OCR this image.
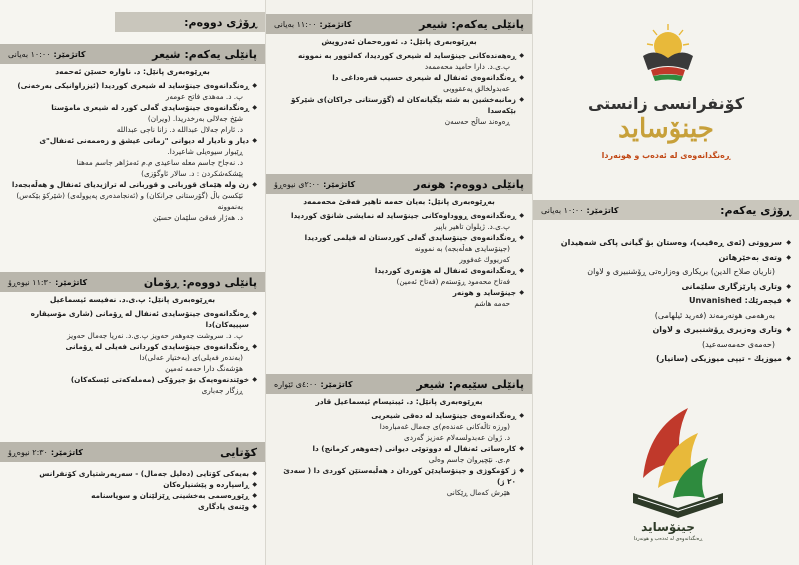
ڕۆژی دووەم:
پانێلی یەکەم: شیعر
کاتژمێر:
١٠:٠٠ بەیانی
بەڕێوەبەری پانێل: د. ناوارە حسێن ئەحمەد
◆ ڕەنگدانەوەی جینۆساید لە شیعری کوردیدا (ئیزراوانیکی بەرخەنی)
پ. د. مەهدی فاتح عومەر
◆ ڕەنگدانەوەی جینۆسایدی گەلی کورد لە شیعری مامۆستا
شێخ جەلالی بەرخدریدا. (ویران)
د. ئارام جەلال عبداللە د. زانا ناجی عبداللە
◆ دیار و نادیار لە دیوانی "زمانی عیشق و زەممەنی ئەنفال"ی
ڕێبوار سیوەیلی شاعیردا.
د. نەجاح جاسم معلە ساعیدی م.م ئەمژاهر جاسم مەهنا
پێشکەشکردن : د. سالار ئاوگۆزی)
◆ زن ولە هێمای قوربانی و قوربانی لە تراژیدیای ئەنفال و هەڵەبجەدا
ئێکسێ باڵ (گۆرستانی جرانکان) و (ئەنجامدەری پەیوولەی) (شێرکۆ بێکەس) بەنموونە
د. هەژار فەقێ سلێمان حسێن
پانێلی دووەم: ڕۆمان
کاتژمێر:
١١:٣٠ نیوەڕۆ
بەڕێوەبەری پانێل: پ.ی.د. نەفیسە ئیسماعیل
◆ ڕەنگدانەوەی جینۆسایدی ئەنفال لە ڕۆمانی (شاری مۆسیقارە سپییەکان)دا
پ. د. سروشت جەوهەر حەویز پ.ی.د. نەریا جەمال حەویز
◆ ڕەنگدانەوەی جینۆسایدی کوردانی فەیلی لە ڕۆمانی
(بەندەر فەیلی)ی (بەختیار عەلی)دا
هۆشەنگ دارا حەمە ئەمین
◆ خوێندنەوەیەک بۆ جیرۆکی (مەملەکەتی ئێسکەکان)
ڕزگار جەباری
کۆتایی
کاتژمێر:
٢:٣٠ نیوەڕۆ
◆ بەیەکی کۆتایی (دەلیل جەمال) - سەرپەرشتیاری کۆنفرانس
◆ ڕاسپاردە و پێشنیارەکان
◆ ڕێوڕەسمی بەخشینی ڕێزلێنان و سوپاسنامە
◆ وێنەی یادگاری
پانێلی یەکەم: شیعر
کاتژمێر:
١١:٠٠ بەیانی
بەڕێوەبەری پانێل: د. ئەورەحمان ئەدرویش
◆ ڕەهەندەکانی جینۆساید لە شیعری کوردیدا، کەلتوور بە نموونە
پ.ی.د. دارا حامید محەممەد
◆ ڕەنگدانەوەی ئەنفال لە شیعری حسیب قەرەداغی دا
عەبدولخالق یەعقووبی
◆ زمانبەخشین بە شتە بێگیانەکان لە (گۆرستانی جراکان)ی شێرکۆ بێکەسدا
ڕەوەند ساڵح حەسەن
پانێلی دووەم: هونەر
کاتژمێر:
٢:٠٠ی نیوەڕۆ
بەڕێوەبەری پانێل: بەیان حەمە تاهیر فەقێ محەممەد
◆ ڕەنگدانەوەی ڕووداوەکانی جینۆساید لە نمایشی شانۆی کوردیدا
پ.ی.د. ژیلوان تاهیر باپیر
◆ ڕەنگدانەوەی جینۆسایدی گەلی کوردستان لە فیلمی کوردیدا
(جینۆسایدی هەڵەبجە) بە نموونە
کەریووك غەفوور
◆ ڕەنگدانەوەی ئەنفال لە هۆنەری کوردیدا
فەتاح محەمود ڕۆستەم (فەتاح ئەمین)
◆ جینۆساید و هونەر
حەمە هاشم
پانێلی سێیەم: شیعر
کاتژمێر:
٤:٠٠ی ئێوارە
بەڕێوەبەری پانێل: د. ئیبتیسام ئیسماعیل قادر
◆ ڕەنگدانەوەی جینۆساید لە دەقی شیعریی
(ورزە تاڵەکانی عەندەم)ی جەمال غەمبارەدا
د. ژوان عەبدولسەلام عەزیز گەردی
◆ کارەساتی ئەنفال لە دووتوێی دیوانی (جەوهەر کرمانج) دا
م.ی. نێچیروان جاسم وەلی
◆ ژ کۆمکوژی و جینۆسایدێن کوردان د هەڵبەستێن کوردی دا ( سەدێ ٢٠ ژ)
هێرش کەمال ڕێکانی
کۆنفرانسی زانستی
جینۆساید
ڕەنگدانەوەی لە ئەدەب و هونەردا
ڕۆژی یەکەم:
کاتژمێر:
١٠:٠٠ بەیانی
◆ سرووتی (ئەی ڕەقیب)، وەستان بۆ گیانی پاکی شەهیدان
◆ وتەی بەخێرهاتن
(ناریان صلاح الدین) بریکاری وەزارەتی ڕۆشنبیری و لاوان
◆ وتاری پارێزگاری سلێمانی
◆ فیجەرێك: Unvanished
بەرهەمی هونەرمەند (فەرید ئیلهامی)
◆ وتاری وەزیری ڕۆشنبیری و لاوان
(حەمەی حەمەسەعید)
◆ میوزیك - تیپی میوزیکی (سانیار)
جینۆساید
ڕەنگدانەوەی لە ئەدەب و هونەردا
